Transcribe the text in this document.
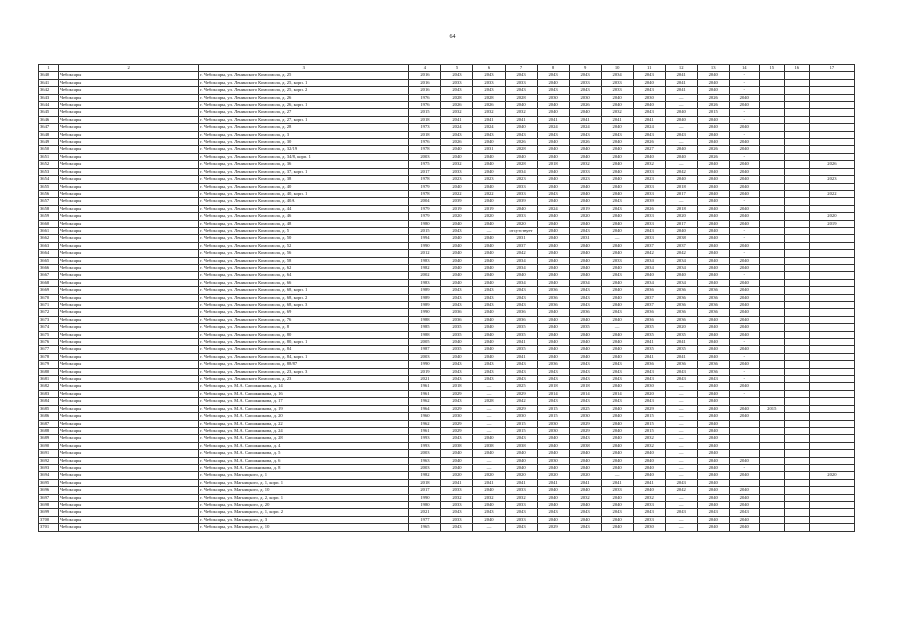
64
1	2	3	4	5	6	7	8	9	10	11	12	13	14	15	16	17
3640	Чебоксары	г. Чебоксары, ул. Ленинского Комсомола, д. 25	2016	2043	2043	2043	2043	2043	2034	2043	2041	2040	-			
3641	Чебоксары	г. Чебоксары, ул. Ленинского Комсомола, д. 25, корп. 1	2016	2033	2033	2033	2040	2033	2033	2040	2041	2040	-			
3642	Чебоксары	г. Чебоксары, ул. Ленинского Комсомола, д. 25, корп. 2	2016	2043	2043	2043	2043	2043	2033	2043	2041	2040	-			
3643	Чебоксары	г. Чебоксары, ул. Ленинского Комсомола, д. 26	1976	2028	2028	2028	2030	2030	2040	2030	—	2026	2040			
3644	Чебоксары	г. Чебоксары, ул. Ленинского Комсомола, д. 26, корп. 1	1976	2026	2026	2040	2040	2026	2040	2040	—	2026	2040			
3645	Чебоксары	г. Чебоксары, ул. Ленинского Комсомола, д. 27	2015	2032	2032	2032	2040	2040	2032	2043	2040	2015	-			
3646	Чебоксары	г. Чебоксары, ул. Ленинского Комсомола, д. 27, корп. 1	2018	2041	2041	2041	2041	2041	2041	2041	2040	2040	-			
3647	Чебоксары	г. Чебоксары, ул. Ленинского Комсомола, д. 28	1973	2024	2024	2040	2024	2024	2040	2024	—	2040	2040			
3648	Чебоксары	г. Чебоксары, ул. Ленинского Комсомола, д. 3	2018	2043	2043	2043	2043	2043	2043	2043	2043	2040	-			
3649	Чебоксары	г. Чебоксары, ул. Ленинского Комсомола, д. 30	1976	2026	2040	2026	2040	2026	2040	2026	—	2040	2040			
3650	Чебоксары	г. Чебоксары, ул. Ленинского Комсомола, д. 32/19	1978	2040	2031	2028	2040	2040	2040	2027	2040	2026	2040			
3651	Чебоксары	г. Чебоксары, ул. Ленинского Комсомола, д. 34/8, корп. 1	2003	2040	2040	2040	2040	2040	2040	2040	2040	2026	-			
3652	Чебоксары	г. Чебоксары, ул. Ленинского Комсомола, д. 36	1975	2032	2040	2028	2018	2032	2040	2032	—	2040	2040			2026
3653	Чебоксары	г. Чебоксары, ул. Ленинского Комсомола, д. 37, корп. 1	2017	2033	2040	2034	2040	2033	2040	2033	2042	2040	2040			
3654	Чебоксары	г. Чебоксары, ул. Ленинского Комсомола, д. 38	1978	2023	2023	2023	2040	2023	2040	2023	2040	2040	2040			2023
3655	Чебоксары	г. Чебоксары, ул. Ленинского Комсомола, д. 40	1979	2040	2040	2033	2040	2040	2040	2033	2018	2040	2040			
3656	Чебоксары	г. Чебоксары, ул. Ленинского Комсомола, д. 40, корп. 1	1978	2022	2022	2033	2043	2040	2040	2033	2017	2040	2040			2022
3657	Чебоксары	г. Чебоксары, ул. Ленинского Комсомола, д. 40А	2004	2039	2040	2039	2040	2040	2043	2039	—	2040	-			
3658	Чебоксары	г. Чебоксары, ул. Ленинского Комсомола, д. 44	1979	2019	2019	2040	2024	2019	2043	2026	2018	2040	2040			
3659	Чебоксары	г. Чебоксары, ул. Ленинского Комсомола, д. 46	1979	2020	2020	2033	2040	2020	2040	2033	2020	2040	2040			2020
3660	Чебоксары	г. Чебоксары, ул. Ленинского Комсомола, д. 48	1980	2040	2040	2020	2040	2040	2040	2033	2017	2040	2040			2019
3661	Чебоксары	г. Чебоксары, ул. Ленинского Комсомола, д. 5	2015	2043	—	отсутствует	2040	2043	2040	2043	2040	2040	-			
3662	Чебоксары	г. Чебоксары, ул. Ленинского Комсомола, д. 50	1994	2040	2040	2031	2040	2031	—	2033	2038	2040	-			
3663	Чебоксары	г. Чебоксары, ул. Ленинского Комсомола, д. 52	1990	2040	2040	2037	2040	2040	2040	2037	2037	2040	2040			
3664	Чебоксары	г. Чебоксары, ул. Ленинского Комсомола, д. 56	2012	2040	2040	2042	2040	2040	2040	2042	2042	2040	-			
3665	Чебоксары	г. Чебоксары, ул. Ленинского Комсомола, д. 58	1983	2040	2040	2034	2040	2040	2033	2034	2034	2040	2040			
3666	Чебоксары	г. Чебоксары, ул. Ленинского Комсомола, д. 62	1982	2040	2040	2034	2040	2040	2040	2034	2034	2040	2040			
3667	Чебоксары	г. Чебоксары, ул. Ленинского Комсомола, д. 64	2002	2040	2040	2040	2040	2040	2043	2040	2040	2040	-			
3668	Чебоксары	г. Чебоксары, ул. Ленинского Комсомола, д. 66	1983	2040	2040	2034	2040	2034	2040	2034	2034	2040	2040			
3669	Чебоксары	г. Чебоксары, ул. Ленинского Комсомола, д. 68, корп. 1	1989	2043	2043	2043	2036	2043	2040	2036	2036	2036	2040			
3670	Чебоксары	г. Чебоксары, ул. Ленинского Комсомола, д. 68, корп. 2	1989	2043	2043	2043	2036	2043	2040	2037	2036	2036	2040			
3671	Чебоксары	г. Чебоксары, ул. Ленинского Комсомола, д. 68, корп. 3	1989	2043	2043	2043	2036	2043	2040	2037	2036	2036	2040			
3672	Чебоксары	г. Чебоксары, ул. Ленинского Комсомола, д. 69	1990	2036	2040	2036	2040	2036	2043	2036	2036	2036	2040			
3673	Чебоксары	г. Чебоксары, ул. Ленинского Комсомола, д. 76	1988	2036	2040	2036	2040	2040	2040	2036	2036	2040	2040			
3674	Чебоксары	г. Чебоксары, ул. Ленинского Комсомола, д. 8	1985	2035	2040	2035	2040	2035	—	2035	2020	2040	2040			
3675	Чебоксары	г. Чебоксары, ул. Ленинского Комсомола, д. 80	1988	2035	2040	2035	2040	2040	2040	2035	2035	2040	2040			
3676	Чебоксары	г. Чебоксары, ул. Ленинского Комсомола, д. 80, корп. 1	2005	2040	2040	2041	2040	2040	2040	2041	2041	2040	-			
3677	Чебоксары	г. Чебоксары, ул. Ленинского Комсомола, д. 84	1987	2035	2040	2035	2040	2040	2040	2035	2035	2040	2040			
3678	Чебоксары	г. Чебоксары, ул. Ленинского Комсомола, д. 84, корп. 1	2003	2040	2040	2041	2040	2040	2040	2041	2041	2040	-			
3679	Чебоксары	г. Чебоксары, ул. Ленинского Комсомола, д. 88/87	1990	2043	2043	2043	2036	2043	2043	2036	2036	2036	2040			
3680	Чебоксары	г. Чебоксары, ул. Ленинского Комсомола, д. 23, корп. 3	2019	2043	2043	2043	2043	2043	2043	2043	2043	2036	-			
3681	Чебоксары	г. Чебоксары, ул. Ленинского Комсомола, д. 23	2021	2043	2043	2043	2043	2043	2043	2043	2043	2043	-			
3682	Чебоксары	г. Чебоксары, ул. М.А. Сапожникова, д. 14	1961	2018	—	2025	2018	2018	2040	2030	—	2040	2040			
3683	Чебоксары	г. Чебоксары, ул. М.А. Сапожникова, д. 16	1961	2029	—	2029	2014	2014	2014	2020	—	2040	-			
3684	Чебоксары	г. Чебоксары, ул. М.А. Сапожникова, д. 17	1962	2043	2028	2042	2043	2043	2043	2043	—	2040				
3685	Чебоксары	г. Чебоксары, ул. М.А. Сапожникова, д. 19	1964	2029	—	2029	2015	2025	2040	2029	—	2040	2040	2015		
3686	Чебоксары	г. Чебоксары, ул. М.А. Сапожникова, д. 20	1960	2030	—	2030	2015	2030	2040	2015	—	2040	2040			
3687	Чебоксары	г. Чебоксары, ул. М.А. Сапожникова, д. 22	1962	2029	—	2015	2030	2029	2040	2015	—	2040				
3688	Чебоксары	г. Чебоксары, ул. М.А. Сапожникова, д. 24	1961	2029	—	2015	2030	2029	2040	2015	—	2040				
3689	Чебоксары	г. Чебоксары, ул. М.А. Сапожникова, д. 28	1993	2043	2040	2043	2040	2043	2040	2032	—	2040				
3690	Чебоксары	г. Чебоксары, ул. М.А. Сапожникова, д. 4	1993	2038	2038	2038	2040	2038	2040	2032	—	2040				
3691	Чебоксары	г. Чебоксары, ул. М.А. Сапожникова, д. 5	2003	2040	2040	2040	2040	2040	2040	2040	—	2040				
3692	Чебоксары	г. Чебоксары, ул. М.А. Сапожникова, д. 6	1963	2040	—	2040	2030	2040	2040	2040	—	2040	2040			
3693	Чебоксары	г. Чебоксары, ул. М.А. Сапожникова, д. 8	2003	2040	—	2040	2040	2040	2040	2040	—	2040	-			
3694	Чебоксары	г. Чебоксары, ул. Магницкого, д. 1	1982	2020	2020	2020	2020	2020	—	2040	—	2040	2040			2020
3695	Чебоксары	г. Чебоксары, ул. Магницкого, д. 1, корп. 1	2018	2041	2041	2041	2041	2041	2041	2041	2043	2040				
3696	Чебоксары	г. Чебоксары, ул. Магницкого, д. 10	2017	2033	2040	2033	2040	2040	2033	2040	2042	2040	2040			
3697	Чебоксары	г. Чебоксары, ул. Магницкого, д. 2, корп. 1	1990	2032	2032	2032	2040	2032	2040	2032	—	2040	2040			
3698	Чебоксары	г. Чебоксары, ул. Магницкого, д. 20	1980	2033	2040	2033	2040	2040	2040	2033	—	2040	2040			
3699	Чебоксары	г. Чебоксары, ул. Магницкого, д. 1, корп. 2	2021	2043	2043	2043	2043	2043	2043	2043	2043	2043	2043			
3700	Чебоксары	г. Чебоксары, ул. Магницкого, д. 3	1977	2033	2040	2033	2040	2040	2040	2033	—	2040	2040			
3701	Чебоксары	г. Чебоксары, ул. Магницкого, д. 10	1965	2043	—	2043	2029	2043	2040	2030	—	2040	2040			
